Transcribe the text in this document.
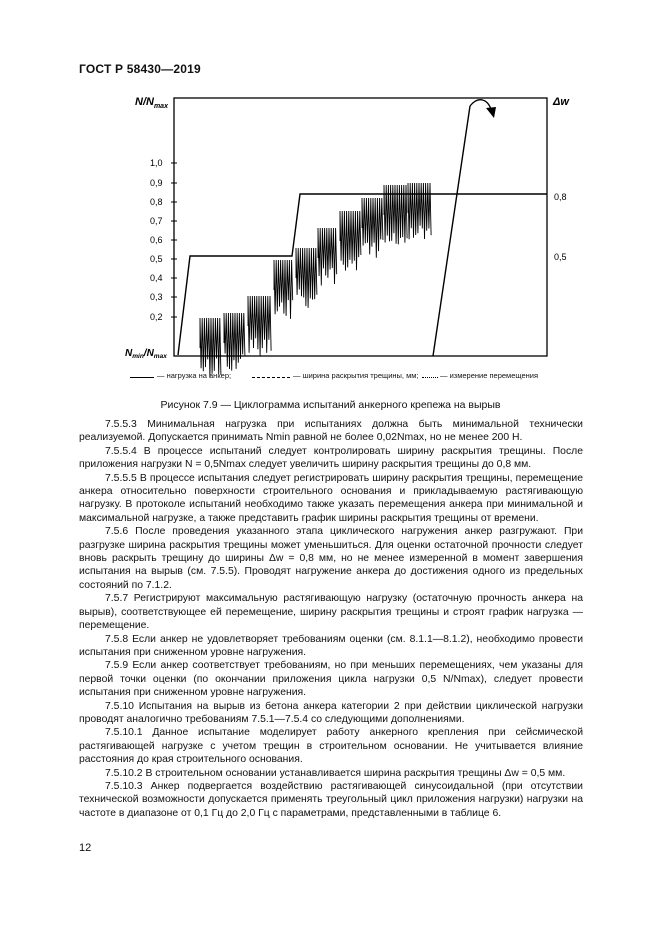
ГОСТ Р 58430—2019
$N/N_{max}$
1,0
0,9
0,8
0,7
0,6
0,5
0,4
0,3
0,2
$N_{min}/N_{max}$
Δw
0,8
0,5
— нагрузка на анкер;	— ширина раскрытия трещины, мм;	— измерение перемещения
Рисунок 7.9 — Циклограмма испытаний анкерного крепежа на вырыв

7.5.5.3 Минимальная нагрузка при испытаниях должна быть минимальной технически реализуемой. Допускается принимать Nmin равной не более 0,02Nmax, но не менее 200 Н.

7.5.5.4 В процессе испытаний следует контролировать ширину раскрытия трещины. После приложения нагрузки N = 0,5Nmax следует увеличить ширину раскрытия трещины до 0,8 мм.

7.5.5.5 В процессе испытания следует регистрировать ширину раскрытия трещины, перемещение анкера относительно поверхности строительного основания и прикладываемую растягивающую нагрузку. В протоколе испытаний необходимо также указать перемещения анкера при минимальной и максимальной нагрузке, а также представить график ширины раскрытия трещины от времени.

7.5.6 После проведения указанного этапа циклического нагружения анкер разгружают. При разгрузке ширина раскрытия трещины может уменьшиться. Для оценки остаточной прочности следует вновь раскрыть трещину до ширины Δw = 0,8 мм, но не менее измеренной в момент завершения испытания на вырыв (см. 7.5.5). Проводят нагружение анкера до достижения одного из предельных состояний по 7.1.2.

7.5.7 Регистрируют максимальную растягивающую нагрузку (остаточную прочность анкера на вырыв), соответствующее ей перемещение, ширину раскрытия трещины и строят график нагрузка — перемещение.

7.5.8 Если анкер не удовлетворяет требованиям оценки (см. 8.1.1—8.1.2), необходимо провести испытания при сниженном уровне нагружения.

7.5.9 Если анкер соответствует требованиям, но при меньших перемещениях, чем указаны для первой точки оценки (по окончании приложения цикла нагрузки 0,5 N/Nmax), следует провести испытания при сниженном уровне нагружения.

7.5.10 Испытания на вырыв из бетона анкера категории 2 при действии циклической нагрузки проводят аналогично требованиям 7.5.1—7.5.4 со следующими дополнениями.

7.5.10.1 Данное испытание моделирует работу анкерного крепления при сейсмической растягивающей нагрузке с учетом трещин в строительном основании. Не учитывается влияние расстояния до края строительного основания.

7.5.10.2 В строительном основании устанавливается ширина раскрытия трещины Δw = 0,5 мм.

7.5.10.3 Анкер подвергается воздействию растягивающей синусоидальной (при отсутствии технической возможности допускается применять треугольный цикл приложения нагрузки) нагрузки на частоте в диапазоне от 0,1 Гц до 2,0 Гц с параметрами, представленными в таблице 6.

12
